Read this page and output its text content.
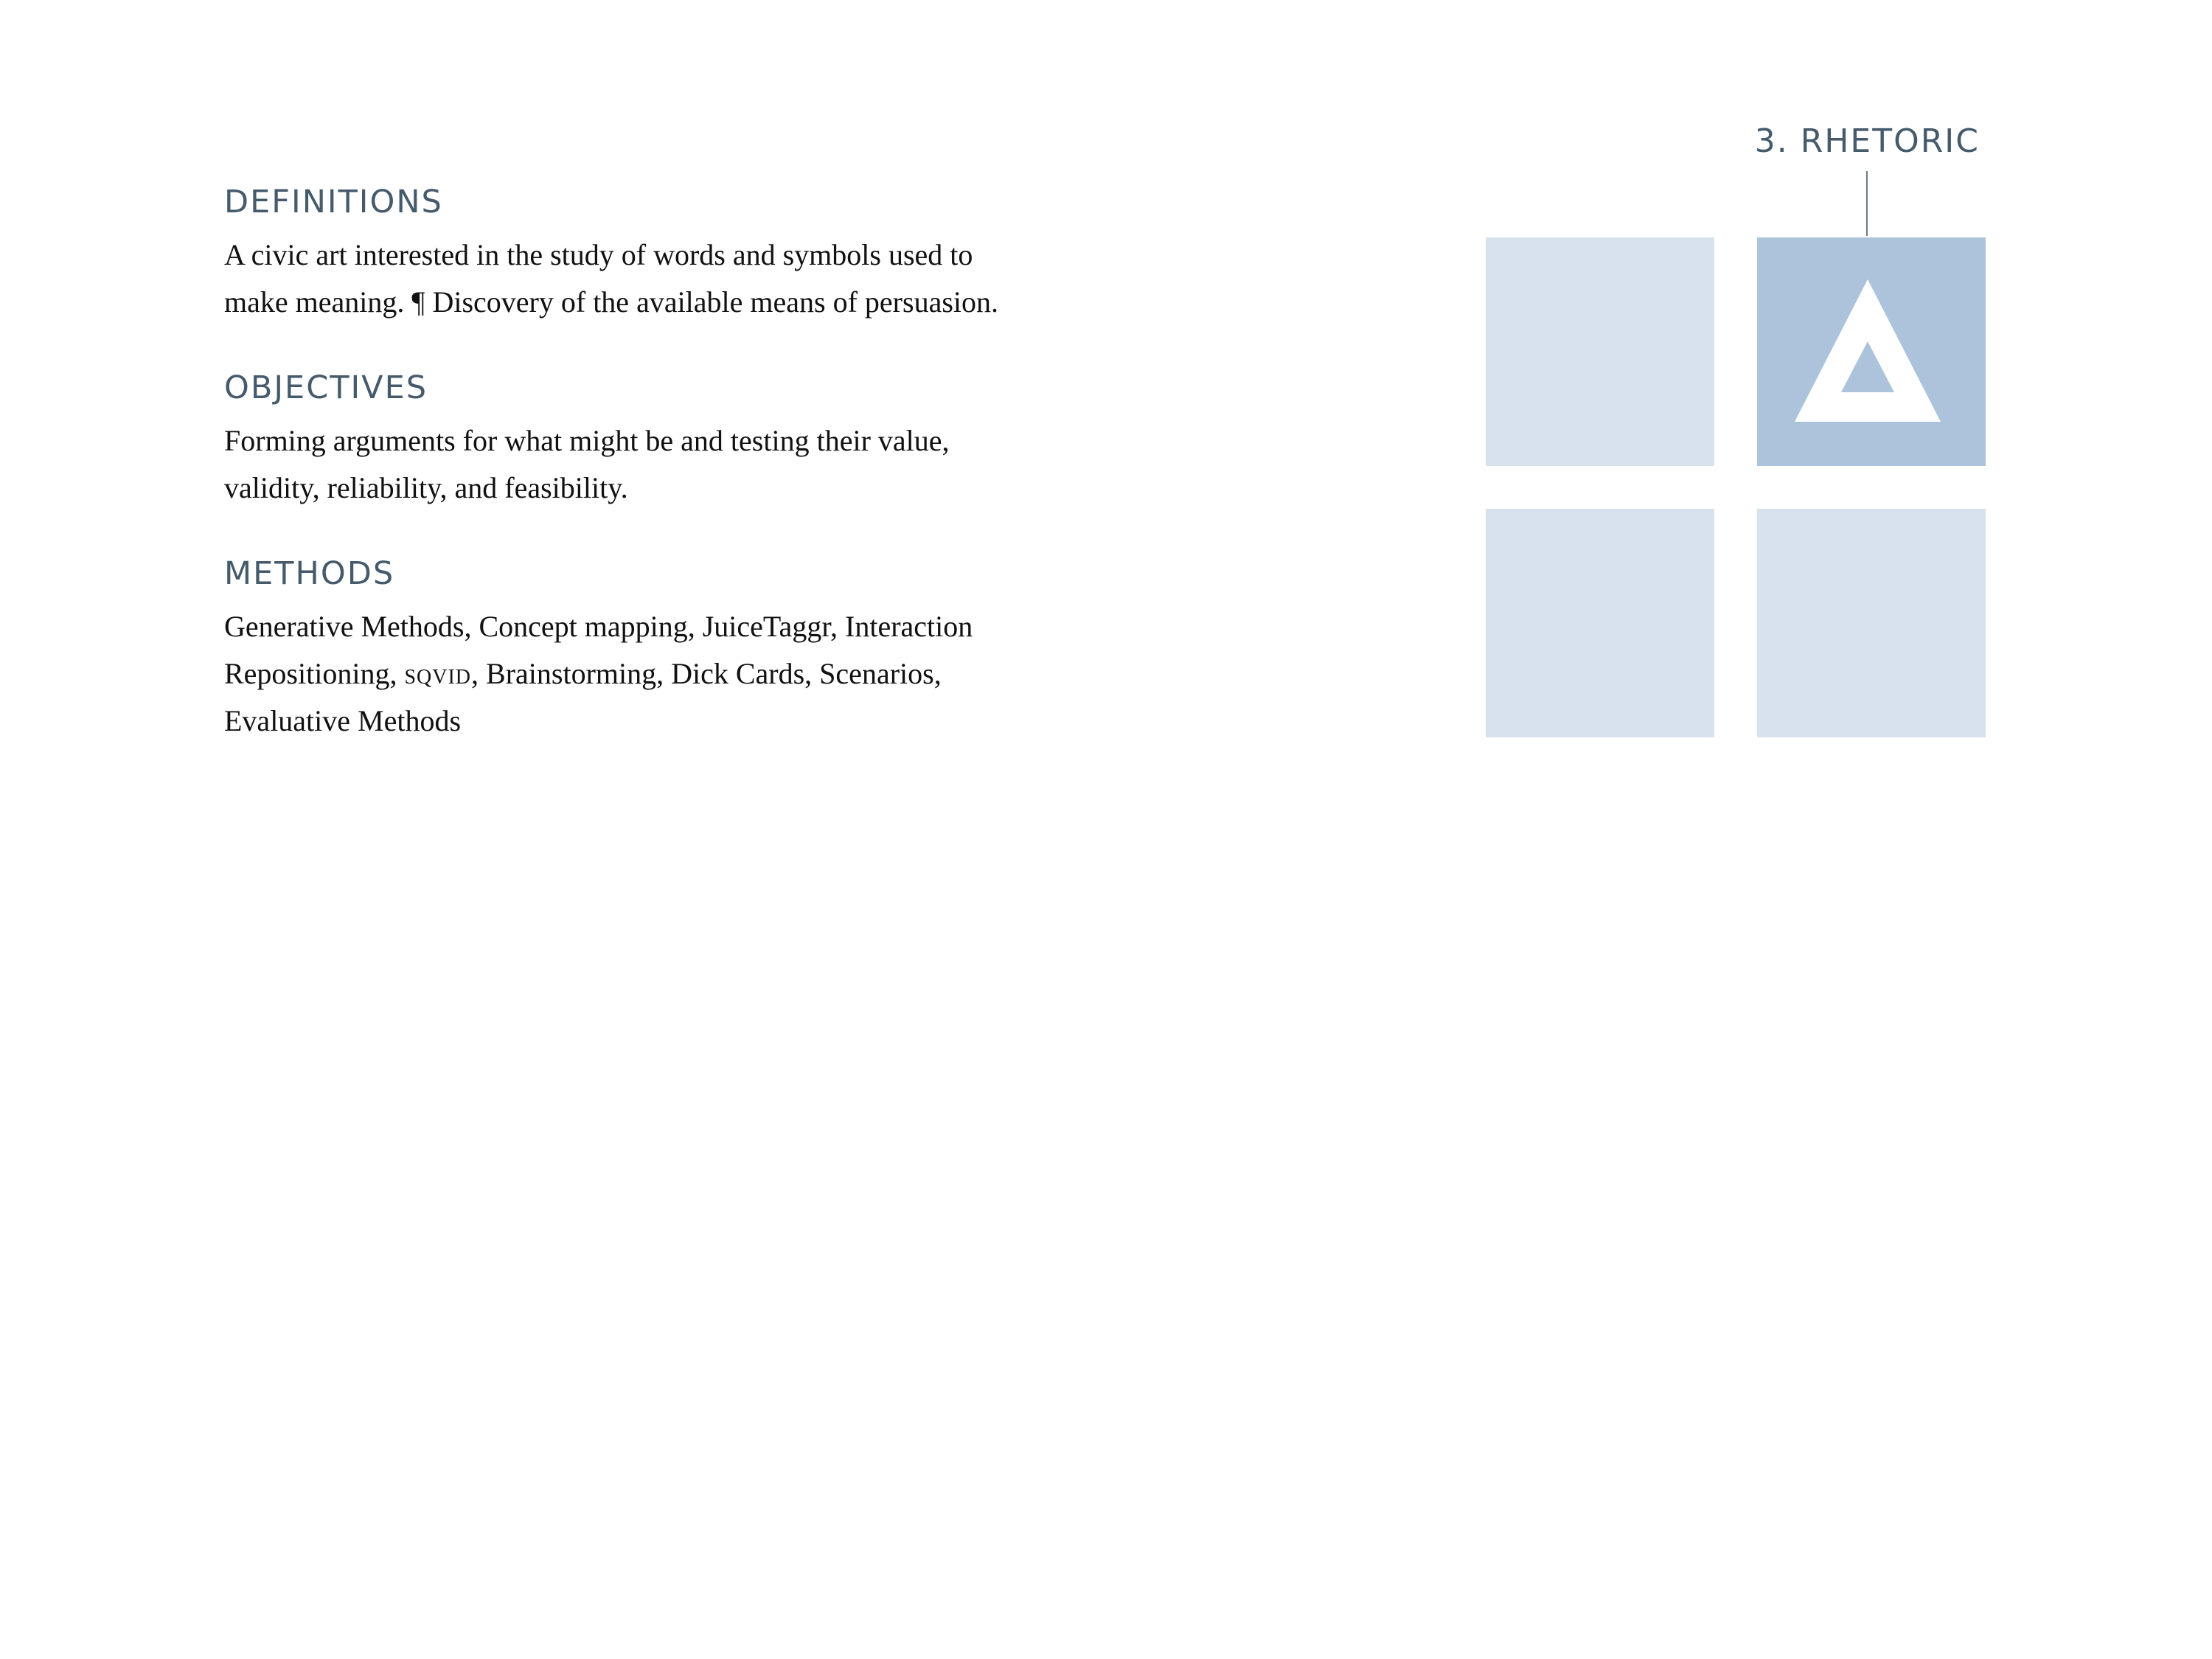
DEFINITIONS

A civic art interested in the study of words and symbols used to
make meaning. ¶ Discovery of the available means of persuasion.

OBJECTIVES

Forming arguments for what might be and testing their value,
validity, reliability, and feasibility.

METHODS

Generative Methods, Concept mapping, JuiceTaggr, Interaction
Repositioning, sqvid, Brainstorming, Dick Cards, Scenarios,
Evaluative Methods

3. RHETORIC
